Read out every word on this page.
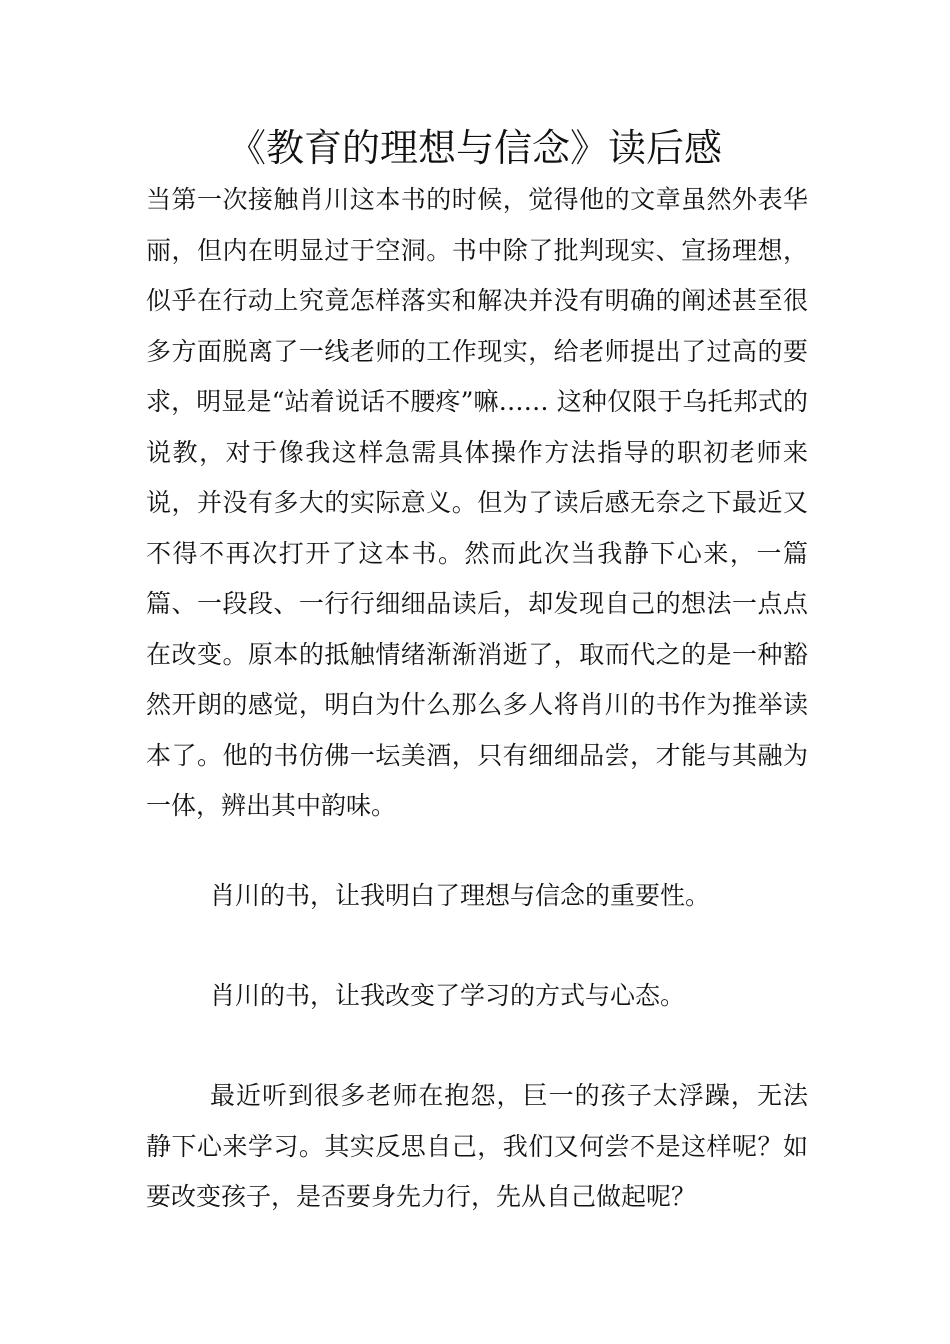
《教育的理想与信念》读后感

当第一次接触肖川这本书的时候，觉得他的文章虽然外表华丽，但内在明显过于空洞。书中除了批判现实、宣扬理想，似乎在行动上究竟怎样落实和解决并没有明确的阐述甚至很多方面脱离了一线老师的工作现实，给老师提出了过高的要求，明显是“站着说话不腰疼”嘛…… 这种仅限于乌托邦式的说教，对于像我这样急需具体操作方法指导的职初老师来说，并没有多大的实际意义。但为了读后感无奈之下最近又不得不再次打开了这本书。然而此次当我静下心来，一篇篇、一段段、一行行细细品读后，却发现自己的想法一点点在改变。原本的抵触情绪渐渐消逝了，取而代之的是一种豁然开朗的感觉，明白为什么那么多人将肖川的书作为推举读本了。他的书仿佛一坛美酒，只有细细品尝，才能与其融为一体，辨出其中韵味。

肖川的书，让我明白了理想与信念的重要性。

肖川的书，让我改变了学习的方式与心态。

最近听到很多老师在抱怨，巨一的孩子太浮躁，无法静下心来学习。其实反思自己，我们又何尝不是这样呢？如要改变孩子，是否要身先力行，先从自己做起呢？
